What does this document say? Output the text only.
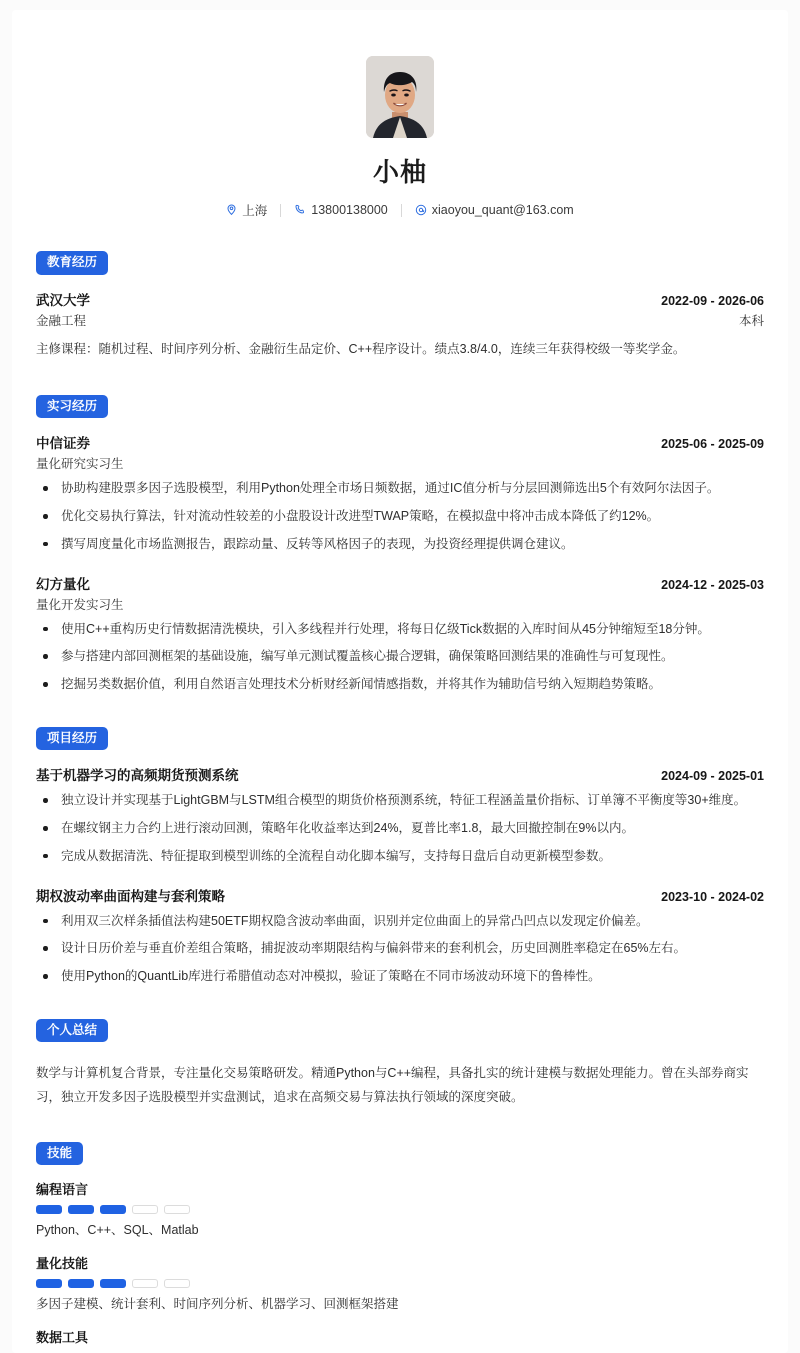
小柚
上海	13800138000	xiaoyou_quant@163.com
教育经历
武汉大学	2022-09 - 2026-06
金融工程	本科
主修课程：随机过程、时间序列分析、金融衍生品定价、C++程序设计。绩点3.8/4.0，连续三年获得校级一等奖学金。
实习经历
中信证券	2025-06 - 2025-09
量化研究实习生
协助构建股票多因子选股模型，利用Python处理全市场日频数据，通过IC值分析与分层回测筛选出5个有效阿尔法因子。
优化交易执行算法，针对流动性较差的小盘股设计改进型TWAP策略，在模拟盘中将冲击成本降低了约12%。
撰写周度量化市场监测报告，跟踪动量、反转等风格因子的表现，为投资经理提供调仓建议。
幻方量化	2024-12 - 2025-03
量化开发实习生
使用C++重构历史行情数据清洗模块，引入多线程并行处理，将每日亿级Tick数据的入库时间从45分钟缩短至18分钟。
参与搭建内部回测框架的基础设施，编写单元测试覆盖核心撮合逻辑，确保策略回测结果的准确性与可复现性。
挖掘另类数据价值，利用自然语言处理技术分析财经新闻情感指数，并将其作为辅助信号纳入短期趋势策略。
项目经历
基于机器学习的高频期货预测系统	2024-09 - 2025-01
独立设计并实现基于LightGBM与LSTM组合模型的期货价格预测系统，特征工程涵盖量价指标、订单簿不平衡度等30+维度。
在螺纹钢主力合约上进行滚动回测，策略年化收益率达到24%，夏普比率1.8，最大回撤控制在9%以内。
完成从数据清洗、特征提取到模型训练的全流程自动化脚本编写，支持每日盘后自动更新模型参数。
期权波动率曲面构建与套利策略	2023-10 - 2024-02
利用双三次样条插值法构建50ETF期权隐含波动率曲面，识别并定位曲面上的异常凸凹点以发现定价偏差。
设计日历价差与垂直价差组合策略，捕捉波动率期限结构与偏斜带来的套利机会，历史回测胜率稳定在65%左右。
使用Python的QuantLib库进行希腊值动态对冲模拟，验证了策略在不同市场波动环境下的鲁棒性。
个人总结
数学与计算机复合背景，专注量化交易策略研发。精通Python与C++编程，具备扎实的统计建模与数据处理能力。曾在头部券商实习，独立开发多因子选股模型并实盘测试，追求在高频交易与算法执行领域的深度突破。
技能
编程语言
Python、C++、SQL、Matlab
量化技能
多因子建模、统计套利、时间序列分析、机器学习、回测框架搭建
数据工具
